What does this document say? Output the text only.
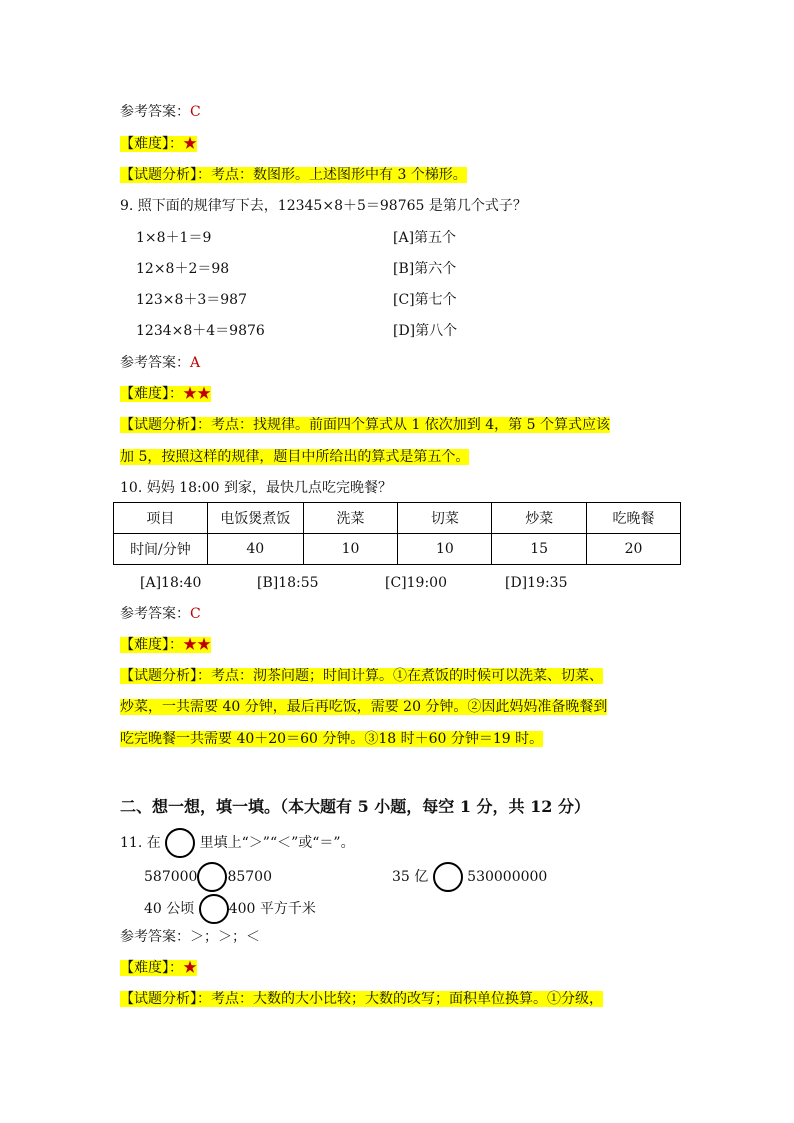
参考答案：C
【难度】：★
【试题分析】：考点：数图形。上述图形中有 3 个梯形。
9. 照下面的规律写下去，12345×8＋5＝98765 是第几个式子？
1×8＋1＝9	[A]第五个
12×8＋2＝98	[B]第六个
123×8＋3＝987	[C]第七个
1234×8＋4＝9876	[D]第八个
参考答案：A
【难度】：★★
【试题分析】：考点：找规律。前面四个算式从 1 依次加到 4，第 5 个算式应该
加 5，按照这样的规律，题目中所给出的算式是第五个。
10. 妈妈 18:00 到家，最快几点吃完晚餐？
项目	电饭煲煮饭	洗菜	切菜	炒菜	吃晚餐
时间/分钟	40	10	10	15	20
[A]18:40	[B]18:55	[C]19:00	[D]19:35
参考答案：C
【难度】：★★
【试题分析】：考点：沏茶问题；时间计算。①在煮饭的时候可以洗菜、切菜、
炒菜，一共需要 40 分钟，最后再吃饭，需要 20 分钟。②因此妈妈准备晚餐到
吃完晚餐一共需要 40＋20＝60 分钟。③18 时＋60 分钟＝19 时。
二、想一想，填一填。（本大题有 5 小题，每空 1 分，共 12 分）
11. 在	里填上“＞”“＜”或“＝”。
587000 85700	35 亿	530000000
40 公顷 400 平方千米
参考答案：＞；＞；＜
【难度】：★
【试题分析】：考点：大数的大小比较；大数的改写；面积单位换算。①分级，
